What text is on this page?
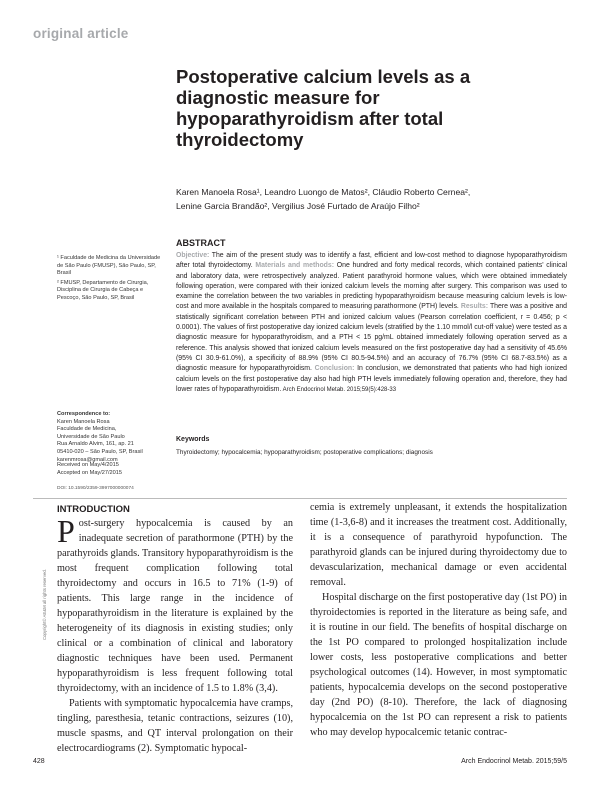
original article
Postoperative calcium levels as a diagnostic measure for hypoparathyroidism after total thyroidectomy
Karen Manoela Rosa¹, Leandro Luongo de Matos², Cláudio Roberto Cernea²,
Lenine Garcia Brandão², Vergilius José Furtado de Araújo Filho²
¹ Faculdade de Medicina da Universidade de São Paulo (FMUSP), São Paulo, SP, Brasil
² FMUSP, Departamento de Cirurgia, Disciplina de Cirurgia de Cabeça e Pescoço, São Paulo, SP, Brasil
Correspondence to:
Karen Manoela Rosa
Faculdade de Medicina,
Universidade de São Paulo
Rua Arnaldo Alvim, 161, ap. 21
05410-020 – São Paulo, SP, Brasil
karenmrosa@gmail.com
Received on May/4/2015
Accepted on May/27/2015
DOI: 10.1590/2359-3997000000074
ABSTRACT
Objective: The aim of the present study was to identify a fast, efficient and low-cost method to diagnose hypoparathyroidism after total thyroidectomy. Materials and methods: One hundred and forty medical records, which contained patients' clinical and laboratory data, were retrospectively analyzed. Patient parathyroid hormone values, which were obtained immediately following operation, were compared with their ionized calcium levels the morning after surgery. This comparison was used to examine the correlation between the two variables in predicting hypoparathyroidism because measuring calcium levels is low-cost and more available in the hospitals compared to measuring parathormone (PTH) levels. Results: There was a positive and statistically significant correlation between PTH and ionized calcium values (Pearson correlation coefficient, r = 0.456; p < 0.0001). The values of first postoperative day ionized calcium levels (stratified by the 1.10 mmol/l cut-off value) were tested as a diagnostic measure for hypoparathyroidism, and a PTH < 15 pg/mL obtained immediately following operation served as a reference. This analysis showed that ionized calcium levels measured on the first postoperative day had a sensitivity of 45.6% (95% CI 30.9-61.0%), a specificity of 88.9% (95% CI 80.5-94.5%) and an accuracy of 76.7% (95% CI 68.7-83.5%) as a diagnostic measure for hypoparathyroidism. Conclusion: In conclusion, we demonstrated that patients who had high ionized calcium levels on the first postoperative day also had high PTH levels immediately following operation and, therefore, they had lower rates of hypoparathyroidism. Arch Endocrinol Metab. 2015;59(5):428-33
Keywords
Thyroidectomy; hypocalcemia; hypoparathyroidism; postoperative complications; diagnosis
INTRODUCTION

Post-surgery hypocalcemia is caused by an inadequate secretion of parathormone (PTH) by the parathyroids glands. Transitory hypoparathyroidism is the most frequent complication following total thyroidectomy and occurs in 16.5 to 71% (1-9) of patients. This large range in the incidence of hypoparathyroidism in the literature is explained by the heterogeneity of its diagnosis in existing studies; only clinical or a combination of clinical and laboratory diagnostic techniques have been used. Permanent hypoparathyroidism is less frequent following total thyroidectomy, with an incidence of 1.5 to 1.8% (3,4).

Patients with symptomatic hypocalcemia have cramps, tingling, paresthesia, tetanic contractions, seizures (10), muscle spasms, and QT interval prolongation on their electrocardiograms (2). Symptomatic hypocal-

cemia is extremely unpleasant, it extends the hospitalization time (1-3,6-8) and it increases the treatment cost. Additionally, it is a consequence of parathyroid hypofunction. The parathyroid glands can be injured during thyroidectomy due to devascularization, mechanical damage or even accidental removal.

Hospital discharge on the first postoperative day (1st PO) in thyroidectomies is reported in the literature as being safe, and it is routine in our field. The benefits of hospital discharge on the 1st PO compared to prolonged hospitalization include lower costs, less postoperative complications and better psychological outcomes (14). However, in most symptomatic patients, hypocalcemia develops on the second postoperative day (2nd PO) (8-10). Therefore, the lack of diagnosing hypocalcemia on the 1st PO can represent a risk to patients who may develop hypocalcemic tetanic contrac-

Copyright© AE&M all rights reserved.
428	Arch Endocrinol Metab. 2015;59/5
